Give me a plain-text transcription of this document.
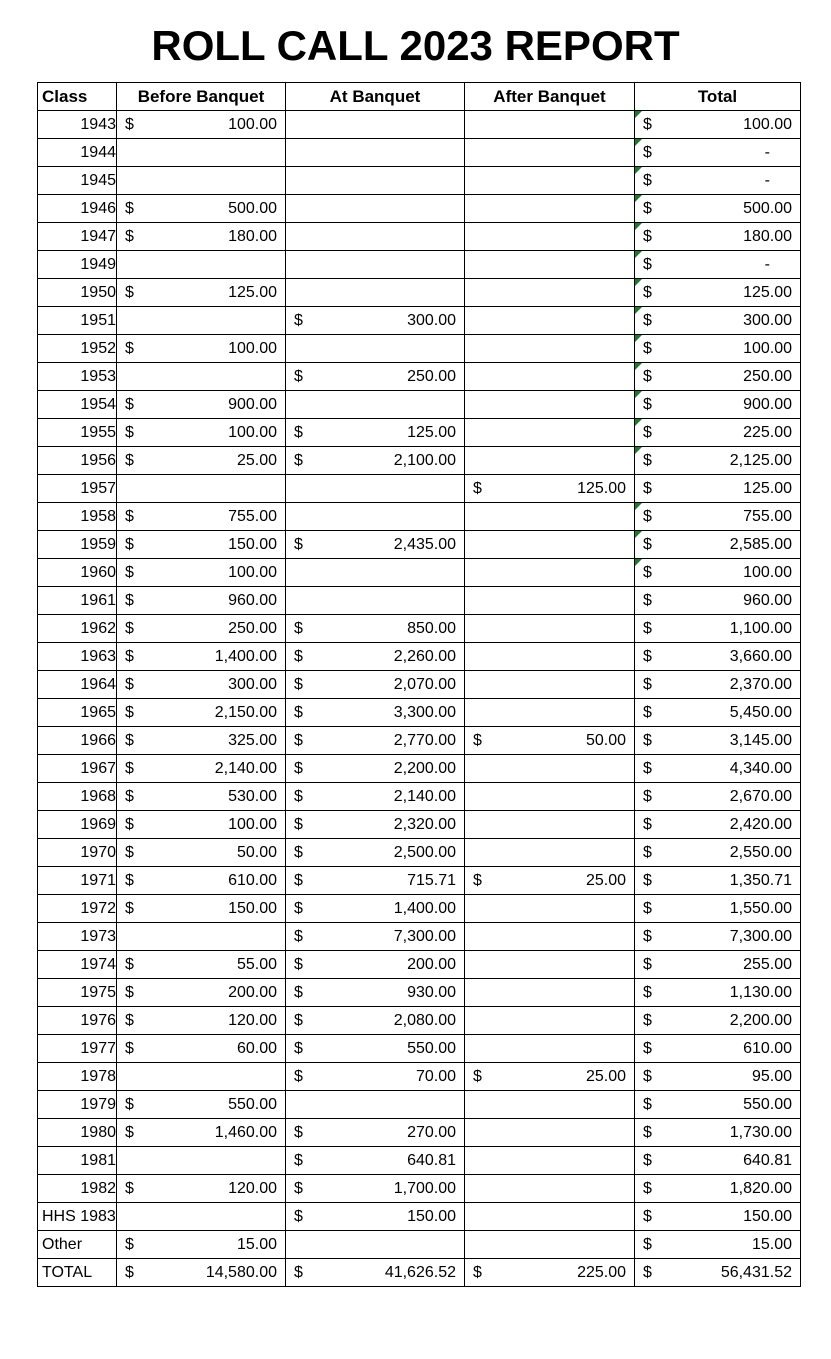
ROLL CALL 2023 REPORT
Class	Before Banquet	At Banquet	After Banquet	Total
1943	$ 100.00			$ 100.00

1944				$ -

1945				$ -

1946	$ 500.00			$ 500.00

1947	$ 180.00			$ 180.00

1949				$ -

1950	$ 125.00			$ 125.00

1951		$ 300.00		$ 300.00

1952	$ 100.00			$ 100.00

1953		$ 250.00		$ 250.00

1954	$ 900.00			$ 900.00

1955	$ 100.00	$ 125.00		$ 225.00

1956	$ 25.00	$ 2,100.00		$ 2,125.00

1957			$ 125.00	$ 125.00

1958	$ 755.00			$ 755.00

1959	$ 150.00	$ 2,435.00		$ 2,585.00

1960	$ 100.00			$ 100.00

1961	$ 960.00			$ 960.00

1962	$ 250.00	$ 850.00		$ 1,100.00

1963	$ 1,400.00	$ 2,260.00		$ 3,660.00

1964	$ 300.00	$ 2,070.00		$ 2,370.00

1965	$ 2,150.00	$ 3,300.00		$ 5,450.00

1966	$ 325.00	$ 2,770.00	$ 50.00	$ 3,145.00

1967	$ 2,140.00	$ 2,200.00		$ 4,340.00

1968	$ 530.00	$ 2,140.00		$ 2,670.00

1969	$ 100.00	$ 2,320.00		$ 2,420.00

1970	$ 50.00	$ 2,500.00		$ 2,550.00

1971	$ 610.00	$ 715.71	$ 25.00	$ 1,350.71

1972	$ 150.00	$ 1,400.00		$ 1,550.00

1973		$ 7,300.00		$ 7,300.00

1974	$ 55.00	$ 200.00		$ 255.00

1975	$ 200.00	$ 930.00		$ 1,130.00

1976	$ 120.00	$ 2,080.00		$ 2,200.00

1977	$ 60.00	$ 550.00		$ 610.00

1978		$ 70.00	$ 25.00	$ 95.00

1979	$ 550.00			$ 550.00

1980	$ 1,460.00	$ 270.00		$ 1,730.00

1981		$ 640.81		$ 640.81

1982	$ 120.00	$ 1,700.00		$ 1,820.00

HHS 1983		$ 150.00		$ 150.00

Other	$ 15.00			$ 15.00

TOTAL	$ 14,580.00	$ 41,626.52	$ 225.00	$ 56,431.52
